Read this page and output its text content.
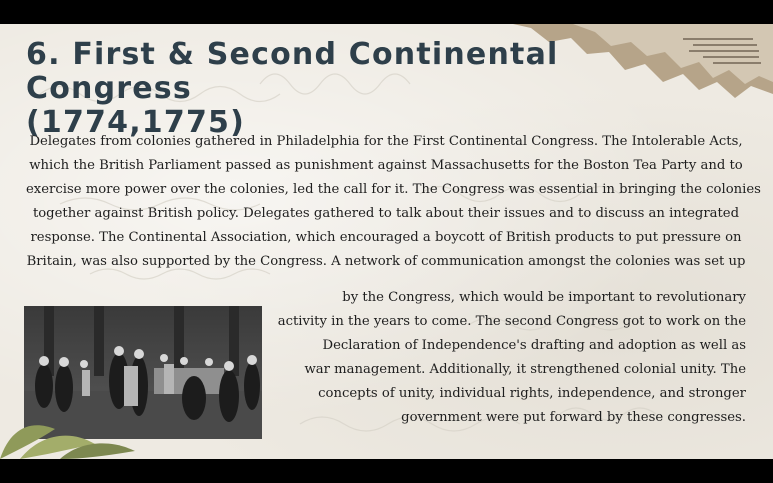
6. First & Second Continental Congress
(1774,1775)

Delegates from colonies gathered in Philadelphia for the First Continental Congress. The Intolerable Acts,
which the British Parliament passed as punishment against Massachusetts for the Boston Tea Party and to
exercise more power over the colonies, led the call for it. The Congress was essential in bringing the colonies
together against British policy. Delegates gathered to talk about their issues and to discuss an integrated
response. The Continental Association, which encouraged a boycott of British products to put pressure on
Britain, was also supported by the Congress. A network of communication amongst the colonies was set up

by the Congress, which would be important to revolutionary
activity in the years to come. The second Congress got to work on the
Declaration of Independence's drafting and adoption as well as
war management. Additionally, it strengthened colonial unity. The
concepts of unity, individual rights, independence, and stronger
government were put forward by these congresses.
